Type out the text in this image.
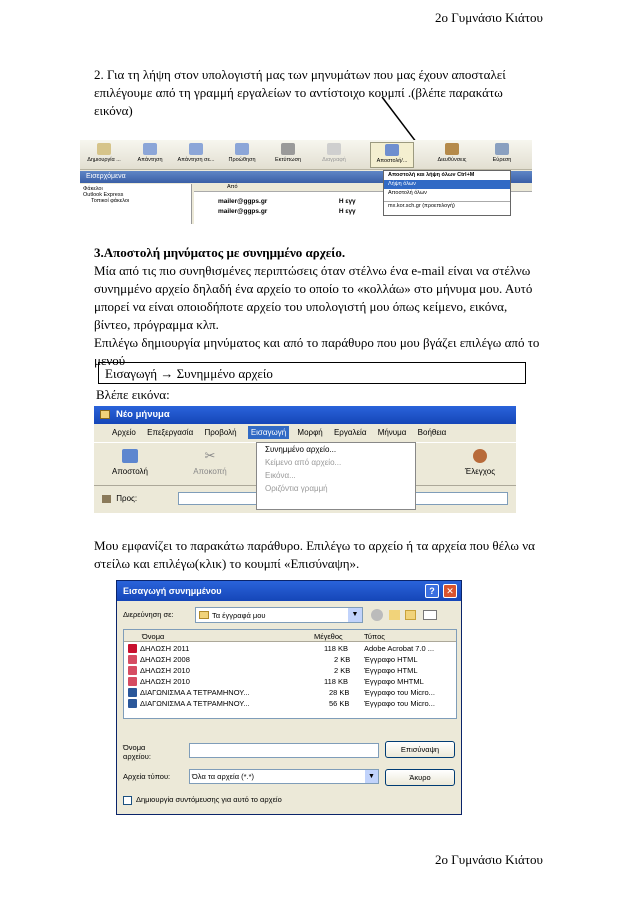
2ο Γυμνάσιο Κιάτου
2. Για τη λήψη στον υπολογιστή μας των μηνυμάτων που μας έχουν αποσταλεί
επιλέγουμε από τη γραμμή εργαλείων το αντίστοιχο κουμπί .(βλέπε παρακάτω
εικόνα)
Δημιουργία ...	Απάντηση	Απάντηση σε...	Προώθηση	Εκτύπωση	Διαγραφή	Αποστολή/...	Διευθύνσεις	Εύρεση
Εισερχόμενα
Φάκελοι
Outlook Express
Τοπικοί φάκελοι
Από
mailer@ggps.gr	Η εγγ
mailer@ggps.gr	Η εγγ
Αποστολή και λήψη όλων Ctrl+M
Λήψη όλων
Αποστολή όλων
mx.kor.sch.gr (προεπιλογή)
3.Αποστολή μηνύματος με συνημμένο αρχείο.
Μία από τις πιο συνηθισμένες περιπτώσεις όταν στέλνω ένα e-mail είναι να στέλνω
συνημμένο αρχείο δηλαδή ένα αρχείο το οποίο το «κολλάω» στο μήνυμα μου. Αυτό
μπορεί να είναι οποιοδήποτε αρχείο του υπολογιστή μου όπως κείμενο, εικόνα,
βίντεο, πρόγραμμα κλπ.
Επιλέγω δημιουργία μηνύματος και από το παράθυρο που μου βγάζει επιλέγω από το
μενού
Εισαγωγή → Συνημμένο αρχείο
Βλέπε εικόνα:
Νέο μήνυμα
Αρχείο Επεξεργασία Προβολή Εισαγωγή Μορφή Εργαλεία Μήνυμα Βοήθεια
Αποστολή
✂
Αποκοπή	Έλεγχος
Προς:
Συνημμένο αρχείο...
Κείμενο από αρχείο...
Εικόνα...
Οριζόντια γραμμή
Μου εμφανίζει το παρακάτω παράθυρο. Επιλέγω το αρχείο ή τα αρχεία που θέλω να
στείλω και επιλέγω(κλικ) το κουμπί «Επισύναψη».
Εισαγωγή συνημμένου	?	✕
Διερεύνηση σε:	Τα έγγραφά μου	▼
Όνομα	Μέγεθος	Τύπος
ΔΗΛΩΣΗ 2011	118 KB Adobe Acrobat 7.0 ...
ΔΗΛΩΣΗ 2008	2 KB Έγγραφο HTML
ΔΗΛΩΣΗ 2010	2 KB Έγγραφο HTML
ΔΗΛΩΣΗ 2010	118 KB Έγγραφο MHTML
ΔΙΑΓΩΝΙΣΜΑ Α ΤΕΤΡΑΜΗΝΟΥ...	28 KB Έγγραφο του Micro...
ΔΙΑΓΩΝΙΣΜΑ Α ΤΕΤΡΑΜΗΝΟΥ...	56 KB Έγγραφο του Micro...
Όνομα
αρχείου:
Επισύναψη
Αρχεία τύπου:	Όλα τα αρχεία (*.*)	▼	Άκυρο
Δημιουργία συντόμευσης για αυτό το αρχείο
2ο Γυμνάσιο Κιάτου
